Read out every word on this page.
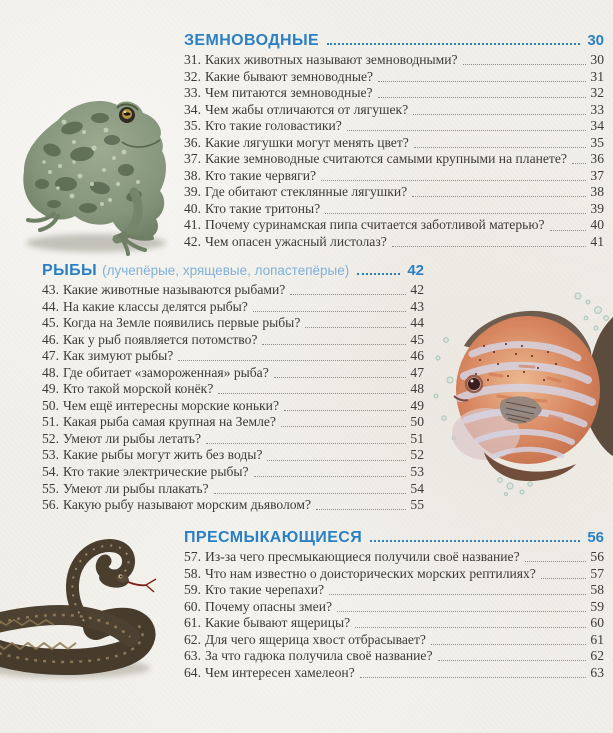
ЗЕМНОВОДНЫЕ	30
31. Каких животных называют земноводными?	30
32. Какие бывают земноводные?	31
33. Чем питаются земноводные?	32
34. Чем жабы отличаются от лягушек?	33
35. Кто такие головастики?	34
36. Какие лягушки могут менять цвет?	35
37. Какие земноводные считаются самыми крупными на планете? 36
38. Кто такие червяги?	37
39. Где обитают стеклянные лягушки?	38
40. Кто такие тритоны?	39
41. Почему суринамская пипа считается заботливой матерью?	40
42. Чем опасен ужасный листолаз?	41
РЫБЫ (лучепёрые, хрящевые, лопастепёрые)	42
43. Какие животные называются рыбами?	42
44. На какие классы делятся рыбы?	43
45. Когда на Земле появились первые рыбы?	44
46. Как у рыб появляется потомство?	45
47. Как зимуют рыбы?	46
48. Где обитает «замороженная» рыба?	47
49. Кто такой морской конёк?	48
50. Чем ещё интересны морские коньки?	49
51. Какая рыба самая крупная на Земле?	50
52. Умеют ли рыбы летать?	51
53. Какие рыбы могут жить без воды?	52
54. Кто такие электрические рыбы?	53
55. Умеют ли рыбы плакать?	54
56. Какую рыбу называют морским дьяволом?	55
ПРЕСМЫКАЮЩИЕСЯ	56
57. Из-за чего пресмыкающиеся получили своё название?	56
58. Что нам известно о доисторических морских рептилиях?	57
59. Кто такие черепахи?	58
60. Почему опасны змеи?	59
61. Какие бывают ящерицы?	60
62. Для чего ящерица хвост отбрасывает?	61
63. За что гадюка получила своё название?	62
64. Чем интересен хамелеон?	63
